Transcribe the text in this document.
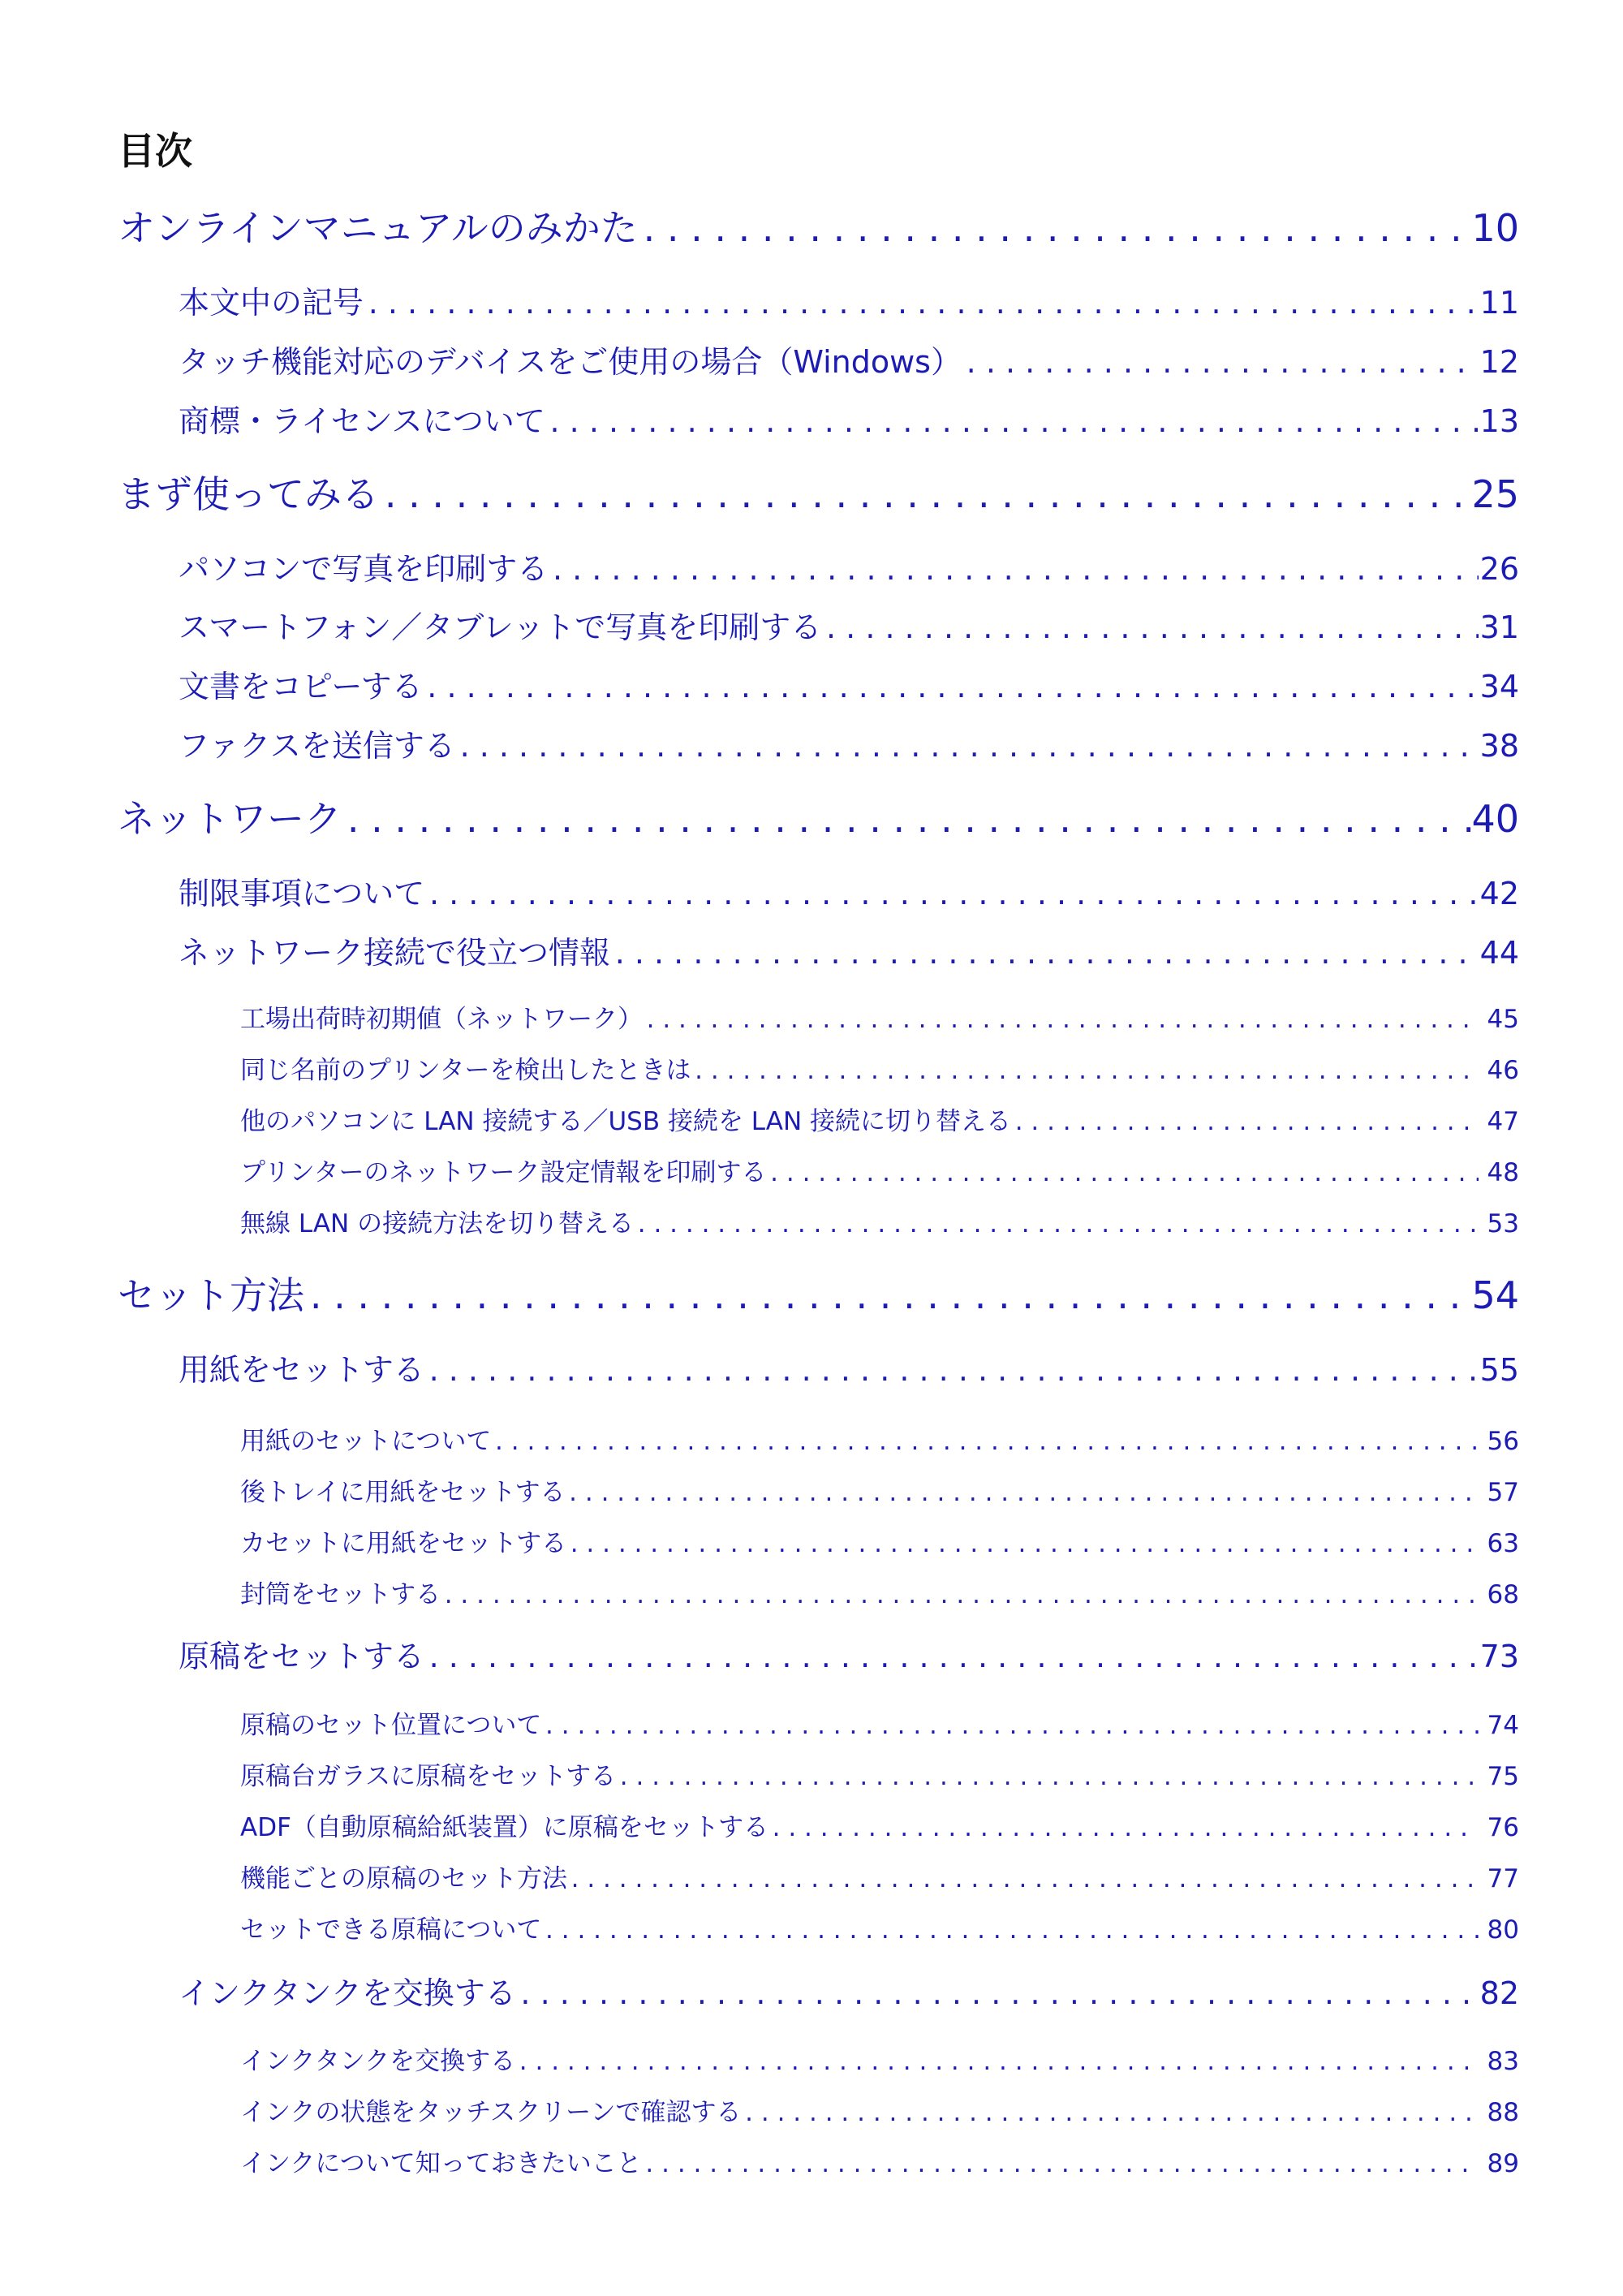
目次
オンラインマニュアルのみかた . . .	10
本文中の記号 . . .	11
タッチ機能対応のデバイスをご使用の場合（Windows） . . .	12
商標・ライセンスについて . . .	13
まず使ってみる . . .	25
パソコンで写真を印刷する . . .	26
スマートフォン／タブレットで写真を印刷する . . .	31
文書をコピーする . . .	34
ファクスを送信する . . .	38
ネットワーク . . .	40
制限事項について . . .	42
ネットワーク接続で役立つ情報 . . .	44
工場出荷時初期値（ネットワーク） . . .	45
同じ名前のプリンターを検出したときは . . .	46
他のパソコンに LAN 接続する／USB 接続を LAN 接続に切り替える . . .	47
プリンターのネットワーク設定情報を印刷する . . .	48
無線 LAN の接続方法を切り替える . . .	53
セット方法 . . .	54
用紙をセットする . . .	55
用紙のセットについて . . .	56
後トレイに用紙をセットする . . .	57
カセットに用紙をセットする . . .	63
封筒をセットする . . .	68
原稿をセットする . . .	73
原稿のセット位置について . . .	74
原稿台ガラスに原稿をセットする . . .	75
ADF（自動原稿給紙装置）に原稿をセットする . . .	76
機能ごとの原稿のセット方法 . . .	77
セットできる原稿について . . .	80
インクタンクを交換する . . .	82
インクタンクを交換する . . .	83
インクの状態をタッチスクリーンで確認する . . .	88
インクについて知っておきたいこと . . .	89
